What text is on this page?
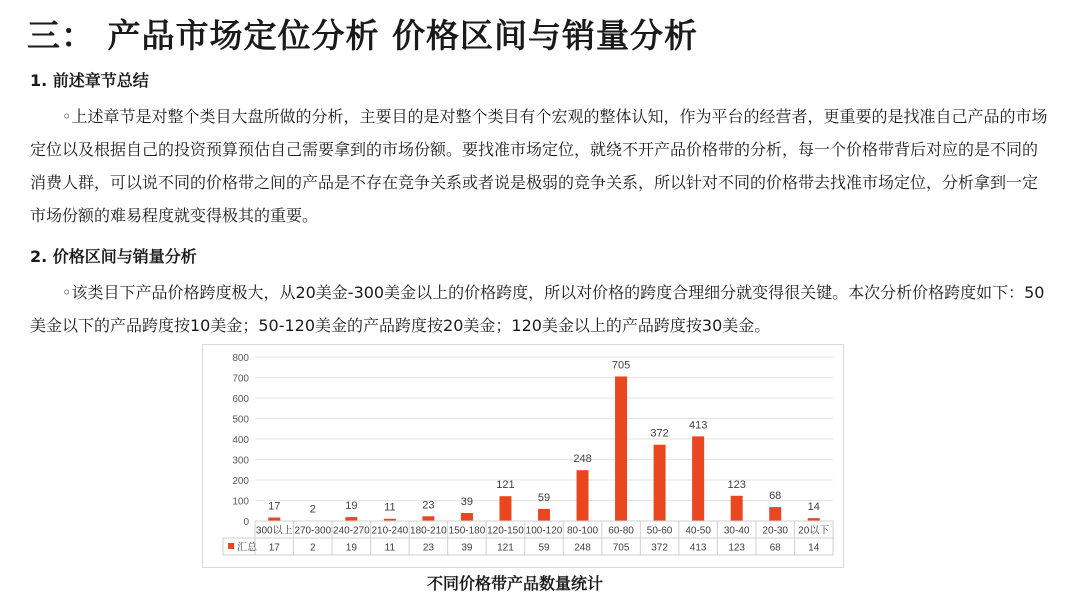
三： 产品市场定位分析 价格区间与销量分析
1. 前述章节总结

◦上述章节是对整个类目大盘所做的分析，主要目的是对整个类目有个宏观的整体认知，作为平台的经营者，更重要的是找准自己产品的市场定位以及根据自己的投资预算预估自己需要拿到的市场份额。要找准市场定位，就绕不开产品价格带的分析，每一个价格带背后对应的是不同的消费人群，可以说不同的价格带之间的产品是不存在竞争关系或者说是极弱的竞争关系，所以针对不同的价格带去找准市场定位，分析拿到一定市场份额的难易程度就变得极其的重要。

2. 价格区间与销量分析

◦该类目下产品价格跨度极大，从20美金-300美金以上的价格跨度，所以对价格的跨度合理细分就变得很关键。本次分析价格跨度如下：50美金以下的产品跨度按10美金；50-120美金的产品跨度按20美金；120美金以上的产品跨度按30美金。

0
100
200
300
400
500
600
700
800
17	2	19 11 23 39
121
59
248
705
372
413
123
68
14
300以上
17
270-300
2
240-270
19
210-240
11
180-210
23
150-180
39
120-150
121
100-120
59
80-100
248
60-80
705
50-60
372
40-50
413
30-40
123
20-30
68
20以下
14
汇总
不同价格带产品数量统计
